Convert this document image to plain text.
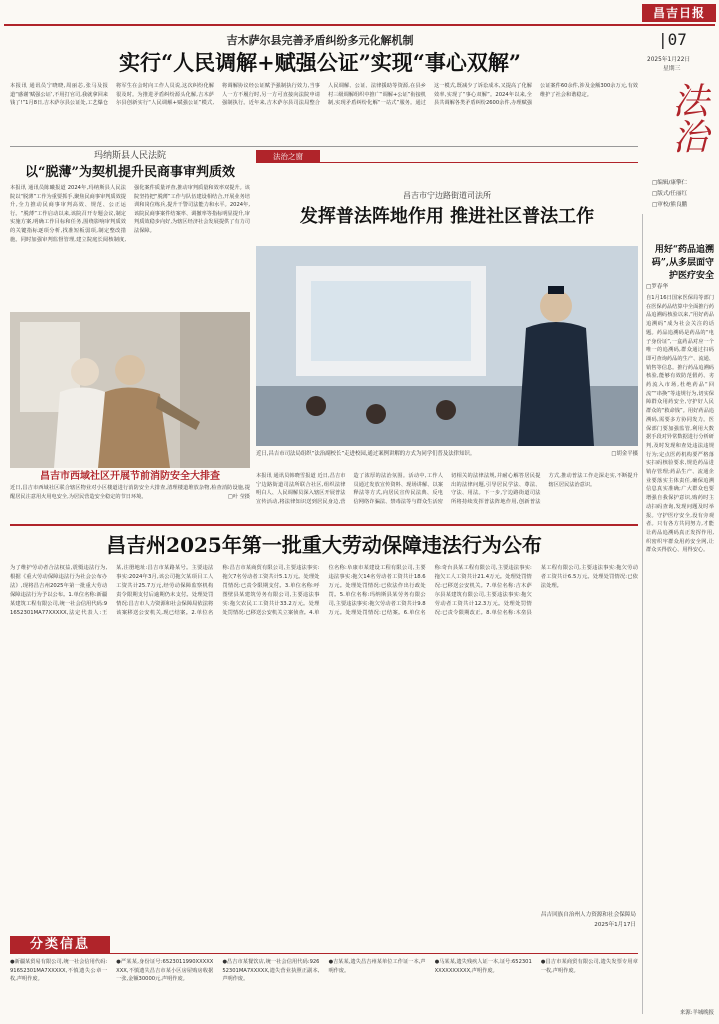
昌吉日报
|07
2025年1月22日
星期三
法治
□编辑/康擎仁
□版式/任丽红
□审校/熊良鹏
吉木萨尔县完善矛盾纠纷多元化解机制
实行“人民调解+赋强公证”实现“事心双解”
本报讯 通讯员宁晓晓,周丽芯,张马及报道“感谢‘赋强公证’,不用打官司,我就拿回来钱了!”1月8日,吉木萨尔县公证处,工艺爆仓将军生在会时向工作人员说,这次纠纷化解很及时。为推进矛盾纠纷源头化解,吉木萨尔县创新实行“人民调解+赋强公证”模式,将调解协议经公证赋予强制执行效力,当事人一方不履行时,另一方可直接向法院申请强制执行。近年来,吉木萨尔县司法局整合人民调解、公证、法律援助等资源,在县乡村三级调解组织中推广“调解+公证”衔接机制,实现矛盾纠纷化解“一站式”服务。通过这一模式,既减少了诉讼成本,又提高了化解效率,实现了“事心双解”。2024年以来,全县共调解各类矛盾纠纷2600余件,办理赋强公证案件60余件,涉及金额300余万元,有效维护了社会和谐稳定。
玛纳斯县人民法院
以“脱薄”为契机提升民商事审判质效
本报讯 通讯员陈曦报道 2024年,玛纳斯县人民法院以“脱薄”工作为重要抓手,聚焦民商事审判质效提升,全力推动民商事审判高效、规范、公正运行。“脱薄”工作启动以来,该院召开专题会议,制定实施方案,明确工作目标和任务,围绕影响审判质效的关键指标逐项分析,找准短板弱项,制定整改措施。同时加强审判监督管理,建立院庭长阅核制度,强化案件质量评查,推动审判质量和效率双提升。该院坚持把“脱薄”工作与队伍建设相结合,开展业务培训和岗位练兵,提升干警司法能力和水平。2024年,该院民商事案件结案率、调撤率等指标明显提升,审判质效稳步向好,为辖区经济社会发展提供了有力司法保障。
昌吉市西域社区开展节前消防安全大排查
近日,昌吉市西域社区联合辖区物业对小区楼道进行消防安全大排查,清理楼道堆放杂物,检查消防设施,提醒居民注意用火用电安全,为居民营造安全稳定的节日环境。	□叶 莹摄
法治之窗
昌吉市宁边路街道司法所
发挥普法阵地作用 推进社区普法工作
近日,昌吉市司法局组织“法治副校长”走进校园,通过案例讲解的方式为同学们普及法律知识。	□胡金平摄
本报讯 通讯员韩晓雪报道 近日,昌吉市宁边路街道司法所联合社区,组织法律明白人、人民调解员深入辖区开展普法宣传活动,将法律知识送到居民身边,营造了浓厚的法治氛围。活动中,工作人员通过发放宣传资料、现场讲解、以案释法等方式,向居民宣传民法典、反电信网络诈骗法、禁毒法等与群众生活密切相关的法律法规,并耐心解答居民提出的法律问题,引导居民学法、尊法、守法、用法。下一步,宁边路街道司法所将持续发挥普法阵地作用,创新普法方式,推动普法工作走深走实,不断提升辖区居民法治意识。
昌吉州2025年第一批重大劳动保障违法行为公布
为了维护劳动者合法权益,震慑违法行为,根据《重大劳动保障违法行为社会公布办法》,现将昌吉州2025年第一批重大劳动保障违法行为予以公布。1.单位名称:新疆某建筑工程有限公司,统一社会信用代码:91652301MA77XXXXX,法定代表人:王某,注册地址:昌吉市某路某号。主要违法事实:2024年3月,该公司拖欠某项目工人工资共计25.7万元,经劳动保障监察机构责令限期支付后逾期仍未支付。处理处罚情况:昌吉市人力资源和社会保障局依法将该案移送公安机关,现已结案。2.单位名称:昌吉市某商贸有限公司,主要违法事实:拖欠7名劳动者工资共计5.1万元。处理处罚情况:已责令限期支付。3.单位名称:呼图壁县某建筑劳务有限公司,主要违法事实:拖欠农民工工资共计33.2万元。处理处罚情况:已移送公安机关立案侦查。4.单位名称:阜康市某建设工程有限公司,主要违法事实:拖欠14名劳动者工资共计18.6万元。处理处罚情况:已依法作出行政处罚。5.单位名称:玛纳斯县某劳务有限公司,主要违法事实:拖欠劳动者工资共计9.8万元。处理处罚情况:已结案。6.单位名称:奇台县某工程有限公司,主要违法事实:拖欠工人工资共计21.4万元。处理处罚情况:已移送公安机关。7.单位名称:吉木萨尔县某建筑有限公司,主要违法事实:拖欠劳动者工资共计12.3万元。处理处罚情况:已责令限期改正。8.单位名称:木垒县某工程有限公司,主要违法事实:拖欠劳动者工资共计6.5万元。处理处罚情况:已依法处理。
昌吉回族自治州人力资源和社会保障局
2025年1月17日
分类信息
●新疆某贸易有限公司,统一社会信用代码:91652301MA7XXXXX,不慎遗失公章一枚,声明作废。
●严某某,身份证号:6523011990XXXXXXXX,不慎遗失昌吉市某小区房屋购房收据一张,金额30000元,声明作废。
●昌吉市某餐饮店,统一社会信用代码:92652301MA7XXXXX,遗失营业执照正副本,声明作废。
●吉某某,遗失昌吉州某单位工作证一本,声明作废。
●马某某,遗失残疾人证一本,证号:652301XXXXXXXXXX,声明作废。
●昌吉市某商贸有限公司,遗失发票专用章一枚,声明作废。
用好“药品追溯码”,从多层面守护医疗安全
□罗春华
自1月16日国家医保局等部门在医保药品结算中全面推行药品追溯码核验以来,“用好药品追溯码”成为社会关注的话题。药品追溯码是药品的“电子身份证”,一盒药品对应一个唯一的追溯码,群众通过扫码即可查询药品的生产、流通、销售等信息。推行药品追溯码核验,能够有效防范假药、劣药流入市场,杜绝药品“回流”“串换”等违规行为,切实保障群众用药安全,守护好人民群众的“救命钱”。用好药品追溯码,需要多方协同发力。医保部门要加强监管,利用大数据手段对异常数据进行分析研判,及时发现和查处违法违规行为;定点医药机构要严格落实扫码核验要求,规范药品进销存管理;药品生产、流通企业要落实主体责任,确保追溯信息真实准确;广大群众也要增强自我保护意识,购药时主动扫码查询,发现问题及时举报。守护医疗安全,没有旁观者。只有各方共同努力,才能让药品追溯码真正发挥作用,织密织牢群众用药安全网,让群众买得放心、用得安心。
来源:羊城晚报
